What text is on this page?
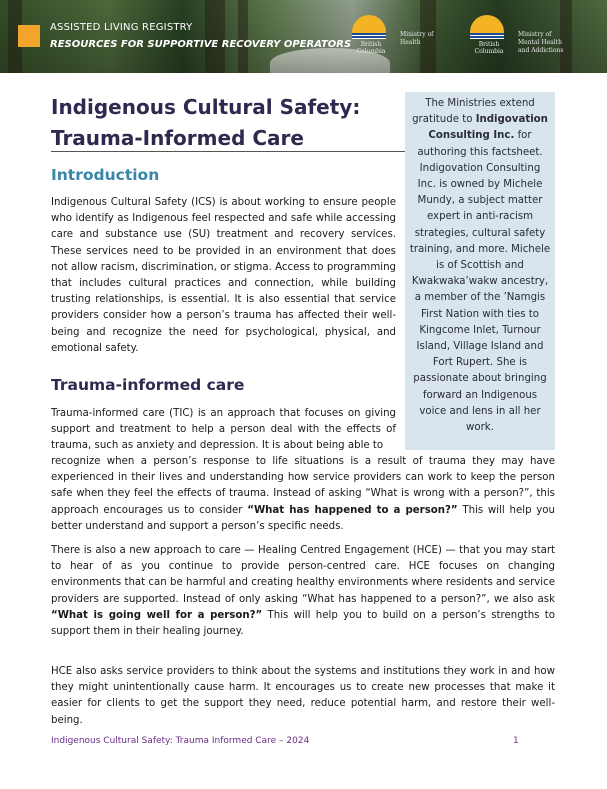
ASSISTED LIVING REGISTRY
RESOURCES FOR SUPPORTIVE RECOVERY OPERATORS	British Columbia
Ministry of Health	British Columbia
Ministry of Mental Health and Addictions
Indigenous Cultural Safety:
Trauma-Informed Care
Introduction

Indigenous Cultural Safety (ICS) is about working to ensure people who identify as Indigenous feel respected and safe while accessing care and substance use (SU) treatment and recovery services. These services need to be provided in an environment that does not allow racism, discrimination, or stigma. Access to programming that includes cultural practices and connection, while building trusting relationships, is essential. It is also essential that service providers consider how a person’s trauma has affected their well-being and recognize the need for psychological, physical, and emotional safety.

Trauma-informed care

Trauma-informed care (TIC) is an approach that focuses on giving support and treatment to help a person deal with the effects of trauma, such as anxiety and depression. It is about being able to

recognize when a person’s response to life situations is a result of trauma they may have experienced in their lives and understanding how service providers can work to keep the person safe when they feel the effects of trauma. Instead of asking “What is wrong with a person?”, this approach encourages us to consider “What has happened to a person?” This will help you better understand and support a person’s specific needs.

There is also a new approach to care — Healing Centred Engagement (HCE) — that you may start to hear of as you continue to provide person-centred care. HCE focuses on changing environments that can be harmful and creating healthy environments where residents and service providers are supported. Instead of only asking “What has happened to a person?”, we also ask “What is going well for a person?” This will help you to build on a person’s strengths to support them in their healing journey.

HCE also asks service providers to think about the systems and institutions they work in and how they might unintentionally cause harm. It encourages us to create new processes that make it easier for clients to get the support they need, reduce potential harm, and restore their well-being.

The Ministries extend gratitude to Indigovation Consulting Inc. for authoring this factsheet. Indigovation Consulting Inc. is owned by Michele Mundy, a subject matter expert in anti-racism strategies, cultural safety training, and more. Michele is of Scottish and Kwakwaka’wakw ancestry, a member of the ’Namgis First Nation with ties to Kingcome Inlet, Turnour Island, Village Island and Fort Rupert. She is passionate about bringing forward an Indigenous voice and lens in all her work.
Indigenous Cultural Safety: Trauma Informed Care – 2024	1
